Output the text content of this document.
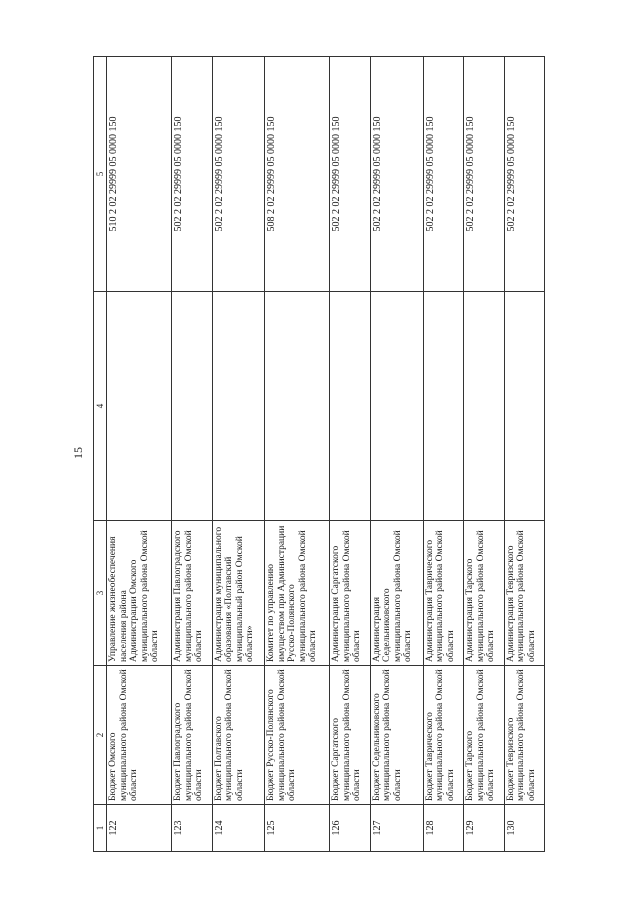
15
1	2	3	4	5
122	Бюджет Омского муниципального района Омской области	Управление жизнеобеспечения населения района Администрации Омского муниципального района Омской области		510 2 02 29999 05 0000 150
123	Бюджет Павлоградского муниципального района Омской области	Администрация Павлоградского муниципального района Омской области		502 2 02 29999 05 0000 150
124	Бюджет Полтавского муниципального района Омской области	Администрация муниципального образования «Полтавский муниципальный район Омской области»		502 2 02 29999 05 0000 150
125	Бюджет Русско-Полянского муниципального района Омской области	Комитет по управлению имуществом при Администрации Русско-Полянского муниципального района Омской области		508 2 02 29999 05 0000 150
126	Бюджет Саргатского муниципального района Омской области	Администрация Саргатского муниципального района Омской области		502 2 02 29999 05 0000 150
127	Бюджет Седельниковского муниципального района Омской области	Администрация Седельниковского муниципального района Омской области		502 2 02 29999 05 0000 150
128	Бюджет Таврического муниципального района Омской области	Администрация Таврического муниципального района Омской области		502 2 02 29999 05 0000 150
129	Бюджет Тарского муниципального района Омской области	Администрация Тарского муниципального района Омской области		502 2 02 29999 05 0000 150
130	Бюджет Тевризского муниципального района Омской области	Администрация Тевризского муниципального района Омской области		502 2 02 29999 05 0000 150
